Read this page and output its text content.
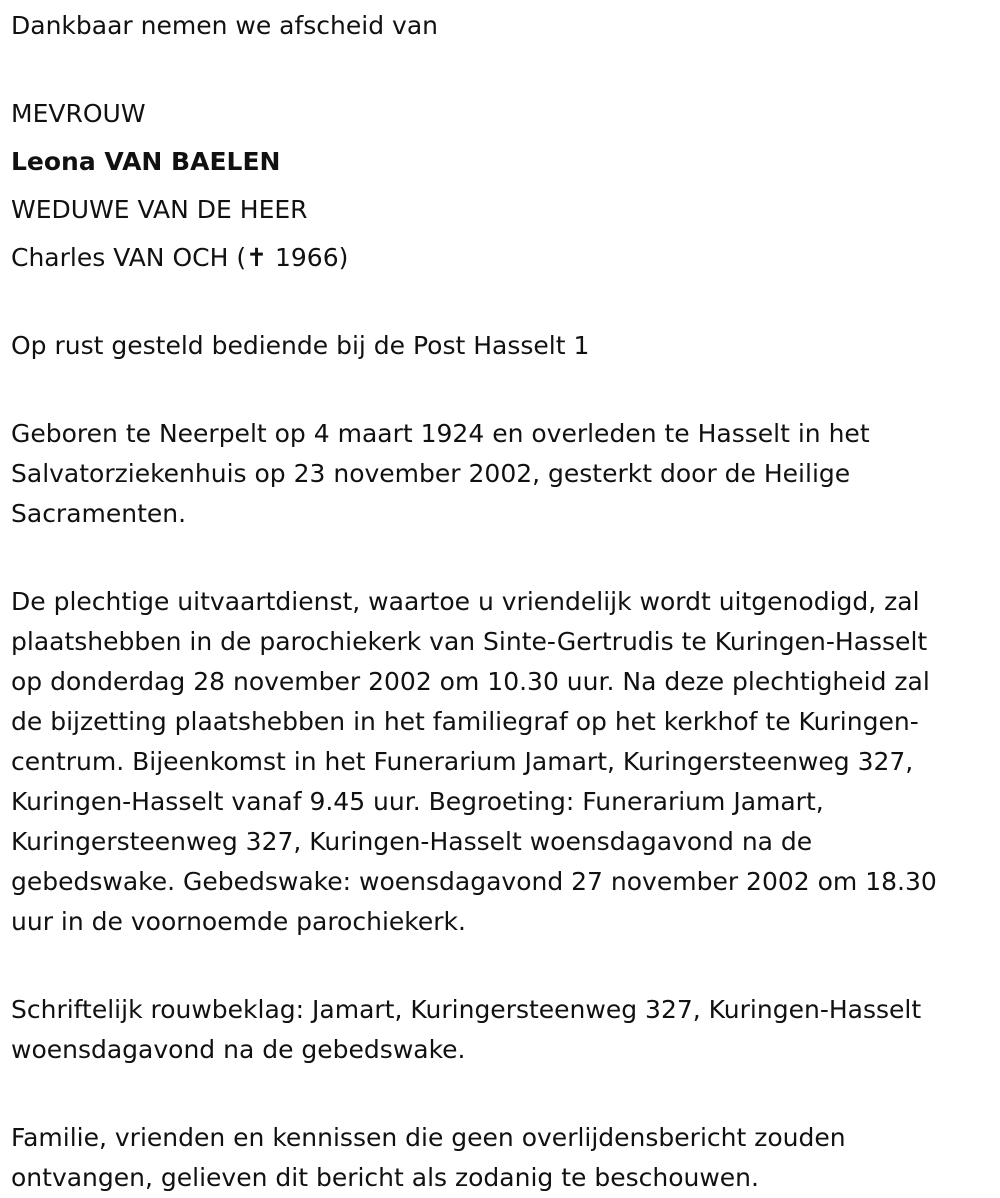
Dankbaar nemen we afscheid van

MEVROUW

Leona VAN BAELEN

WEDUWE VAN DE HEER

Charles VAN OCH (✝ 1966)

Op rust gesteld bediende bij de Post Hasselt 1

Geboren te Neerpelt op 4 maart 1924 en overleden te Hasselt in het

Salvatorziekenhuis op 23 november 2002, gesterkt door de Heilige

Sacramenten.

De plechtige uitvaartdienst, waartoe u vriendelijk wordt uitgenodigd, zal

plaatshebben in de parochiekerk van Sinte-Gertrudis te Kuringen-Hasselt

op donderdag 28 november 2002 om 10.30 uur. Na deze plechtigheid zal

de bijzetting plaatshebben in het familiegraf op het kerkhof te Kuringen-

centrum. Bijeenkomst in het Funerarium Jamart, Kuringersteenweg 327,

Kuringen-Hasselt vanaf 9.45 uur. Begroeting: Funerarium Jamart,

Kuringersteenweg 327, Kuringen-Hasselt woensdagavond na de

gebedswake. Gebedswake: woensdagavond 27 november 2002 om 18.30

uur in de voornoemde parochiekerk.

Schriftelijk rouwbeklag: Jamart, Kuringersteenweg 327, Kuringen-Hasselt

woensdagavond na de gebedswake.

Familie, vrienden en kennissen die geen overlijdensbericht zouden

ontvangen, gelieven dit bericht als zodanig te beschouwen.
